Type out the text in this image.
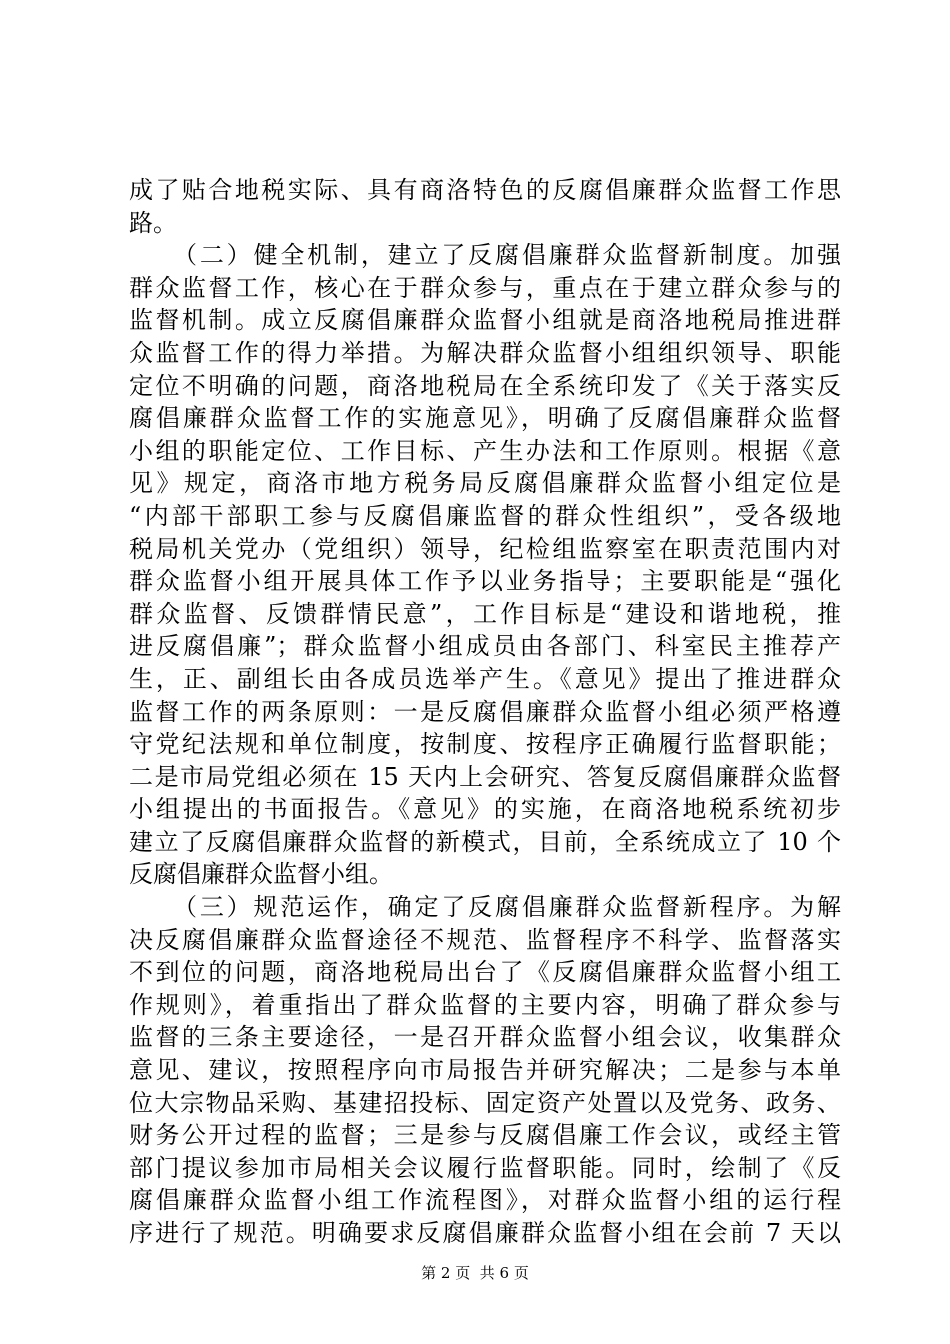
成了贴合地税实际、具有商洛特色的反腐倡廉群众监督工作思
路。
（二）健全机制，建立了反腐倡廉群众监督新制度。加强
群众监督工作，核心在于群众参与，重点在于建立群众参与的
监督机制。成立反腐倡廉群众监督小组就是商洛地税局推进群
众监督工作的得力举措。为解决群众监督小组组织领导、职能
定位不明确的问题，商洛地税局在全系统印发了《关于落实反
腐倡廉群众监督工作的实施意见》，明确了反腐倡廉群众监督
小组的职能定位、工作目标、产生办法和工作原则。根据《意
见》规定，商洛市地方税务局反腐倡廉群众监督小组定位是
“内部干部职工参与反腐倡廉监督的群众性组织”，受各级地
税局机关党办（党组织）领导，纪检组监察室在职责范围内对
群众监督小组开展具体工作予以业务指导；主要职能是“强化
群众监督、反馈群情民意”，工作目标是“建设和谐地税，推
进反腐倡廉”；群众监督小组成员由各部门、科室民主推荐产
生，正、副组长由各成员选举产生。《意见》提出了推进群众
监督工作的两条原则：一是反腐倡廉群众监督小组必须严格遵
守党纪法规和单位制度，按制度、按程序正确履行监督职能；
二是市局党组必须在 15 天内上会研究、答复反腐倡廉群众监督
小组提出的书面报告。《意见》的实施，在商洛地税系统初步
建立了反腐倡廉群众监督的新模式，目前，全系统成立了 10 个
反腐倡廉群众监督小组。
（三）规范运作，确定了反腐倡廉群众监督新程序。为解
决反腐倡廉群众监督途径不规范、监督程序不科学、监督落实
不到位的问题，商洛地税局出台了《反腐倡廉群众监督小组工
作规则》，着重指出了群众监督的主要内容，明确了群众参与
监督的三条主要途径，一是召开群众监督小组会议，收集群众
意见、建议，按照程序向市局报告并研究解决；二是参与本单
位大宗物品采购、基建招投标、固定资产处置以及党务、政务、
财务公开过程的监督；三是参与反腐倡廉工作会议，或经主管
部门提议参加市局相关会议履行监督职能。同时，绘制了《反
腐倡廉群众监督小组工作流程图》，对群众监督小组的运行程
序进行了规范。明确要求反腐倡廉群众监督小组在会前 7 天以
第 2 页  共 6 页
